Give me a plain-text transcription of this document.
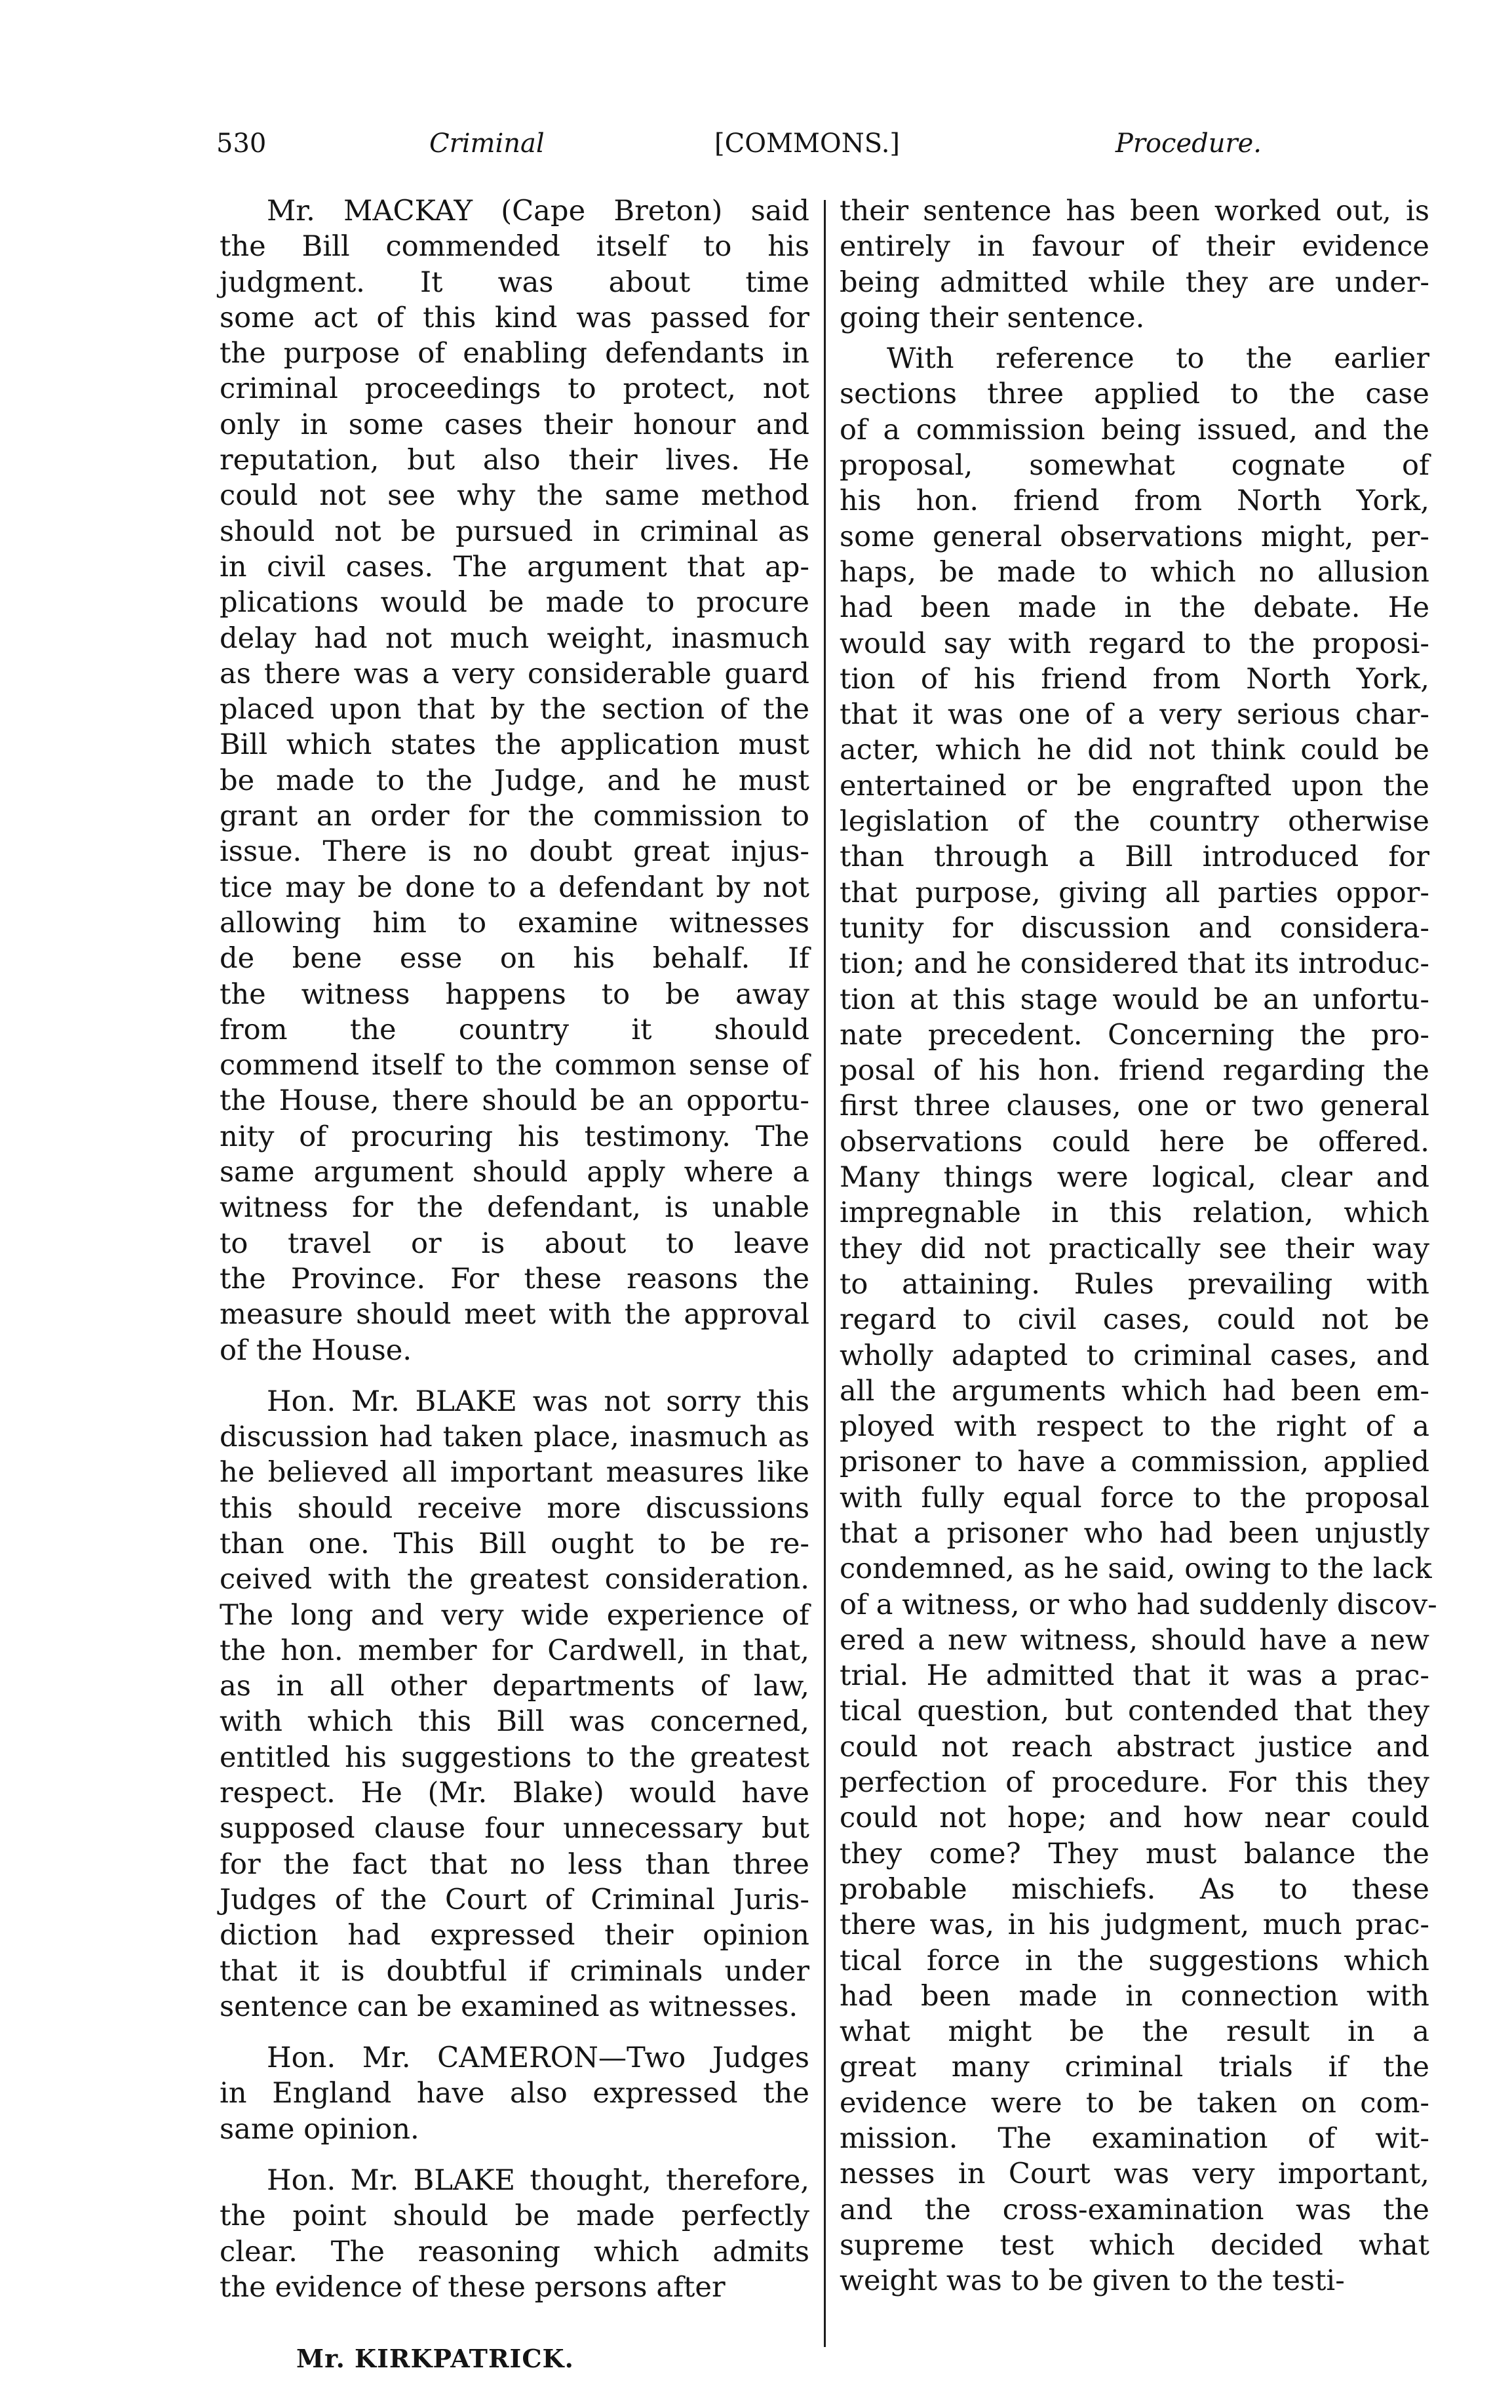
530	Criminal	[COMMONS.]	Procedure.
Mr. MACKAY (Cape Breton) said
the Bill commended itself to his
judgment. It was about time
some act of this kind was passed for
the purpose of enabling defendants in
criminal proceedings to protect, not
only in some cases their honour and
reputation, but also their lives. He
could not see why the same method
should not be pursued in criminal as
in civil cases. The argument that ap-
plications would be made to procure
delay had not much weight, inasmuch
as there was a very considerable guard
placed upon that by the section of the
Bill which states the application must
be made to the Judge, and he must
grant an order for the commission to
issue. There is no doubt great injus-
tice may be done to a defendant by not
allowing him to examine witnesses
de bene esse on his behalf. If
the witness happens to be away
from the country it should
commend itself to the common sense of
the House, there should be an opportu-
nity of procuring his testimony. The
same argument should apply where a
witness for the defendant, is unable
to travel or is about to leave
the Province. For these reasons the
measure should meet with the approval
of the House.
Hon. Mr. BLAKE was not sorry this
discussion had taken place, inasmuch as
he believed all important measures like
this should receive more discussions
than one. This Bill ought to be re-
ceived with the greatest consideration.
The long and very wide experience of
the hon. member for Cardwell, in that,
as in all other departments of law,
with which this Bill was concerned,
entitled his suggestions to the greatest
respect. He (Mr. Blake) would have
supposed clause four unnecessary but
for the fact that no less than three
Judges of the Court of Criminal Juris-
diction had expressed their opinion
that it is doubtful if criminals under
sentence can be examined as witnesses.
Hon. Mr. CAMERON—Two Judges
in England have also expressed the
same opinion.
Hon. Mr. BLAKE thought, therefore,
the point should be made perfectly
clear. The reasoning which admits
the evidence of these persons after
their sentence has been worked out, is
entirely in favour of their evidence
being admitted while they are under-
going their sentence.
With reference to the earlier
sections three applied to the case
of a commission being issued, and the
proposal, somewhat cognate of
his hon. friend from North York,
some general observations might, per-
haps, be made to which no allusion
had been made in the debate. He
would say with regard to the proposi-
tion of his friend from North York,
that it was one of a very serious char-
acter, which he did not think could be
entertained or be engrafted upon the
legislation of the country otherwise
than through a Bill introduced for
that purpose, giving all parties oppor-
tunity for discussion and considera-
tion; and he considered that its introduc-
tion at this stage would be an unfortu-
nate precedent. Concerning the pro-
posal of his hon. friend regarding the
first three clauses, one or two general
observations could here be offered.
Many things were logical, clear and
impregnable in this relation, which
they did not practically see their way
to attaining. Rules prevailing with
regard to civil cases, could not be
wholly adapted to criminal cases, and
all the arguments which had been em-
ployed with respect to the right of a
prisoner to have a commission, applied
with fully equal force to the proposal
that a prisoner who had been unjustly
condemned, as he said, owing to the lack
of a witness, or who had suddenly discov-
ered a new witness, should have a new
trial. He admitted that it was a prac-
tical question, but contended that they
could not reach abstract justice and
perfection of procedure. For this they
could not hope; and how near could
they come? They must balance the
probable mischiefs. As to these
there was, in his judgment, much prac-
tical force in the suggestions which
had been made in connection with
what might be the result in a
great many criminal trials if the
evidence were to be taken on com-
mission. The examination of wit-
nesses in Court was very important,
and the cross-examination was the
supreme test which decided what
weight was to be given to the testi-
Mr. KIRKPATRICK.
